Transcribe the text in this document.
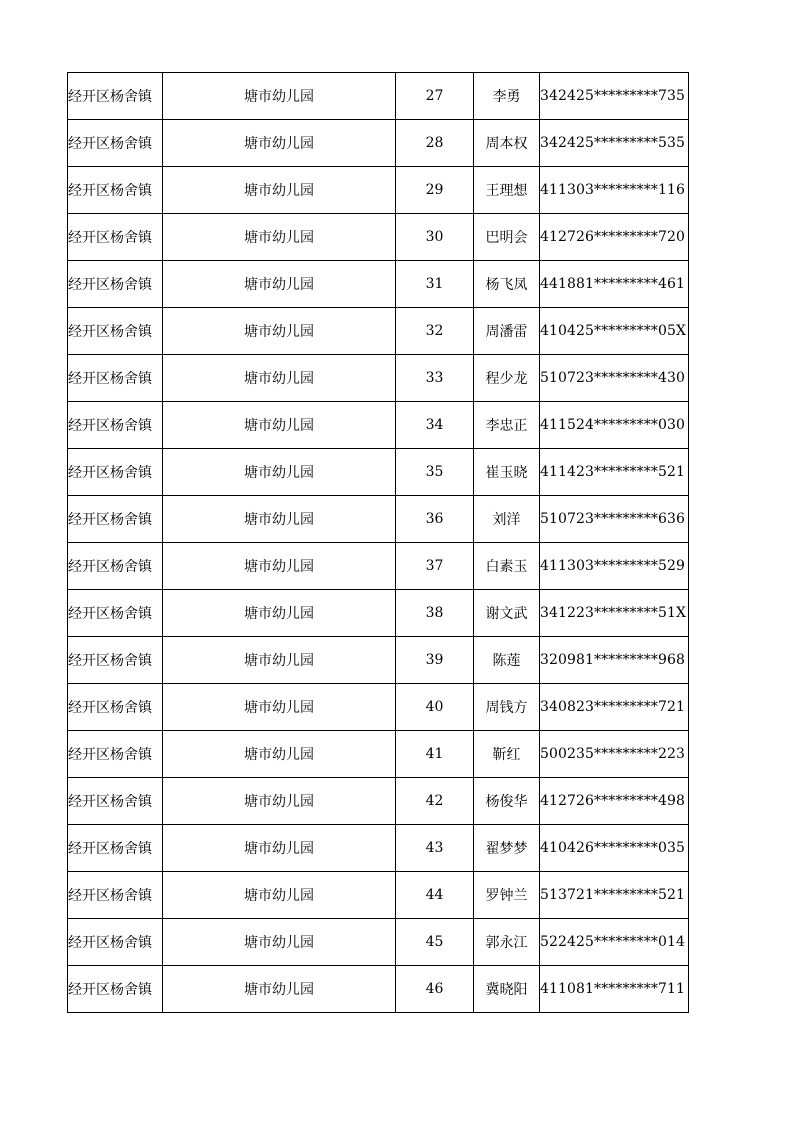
经开区杨舍镇	塘市幼儿园	27	李勇	342425*********735
经开区杨舍镇	塘市幼儿园	28	周本权	342425*********535
经开区杨舍镇	塘市幼儿园	29	王理想	411303*********116
经开区杨舍镇	塘市幼儿园	30	巴明会	412726*********720
经开区杨舍镇	塘市幼儿园	31	杨飞凤	441881*********461
经开区杨舍镇	塘市幼儿园	32	周潘雷	410425*********05X
经开区杨舍镇	塘市幼儿园	33	程少龙	510723*********430
经开区杨舍镇	塘市幼儿园	34	李忠正	411524*********030
经开区杨舍镇	塘市幼儿园	35	崔玉晓	411423*********521
经开区杨舍镇	塘市幼儿园	36	刘洋	510723*********636
经开区杨舍镇	塘市幼儿园	37	白素玉	411303*********529
经开区杨舍镇	塘市幼儿园	38	谢文武	341223*********51X
经开区杨舍镇	塘市幼儿园	39	陈莲	320981*********968
经开区杨舍镇	塘市幼儿园	40	周钱方	340823*********721
经开区杨舍镇	塘市幼儿园	41	靳红	500235*********223
经开区杨舍镇	塘市幼儿园	42	杨俊华	412726*********498
经开区杨舍镇	塘市幼儿园	43	翟梦梦	410426*********035
经开区杨舍镇	塘市幼儿园	44	罗钟兰	513721*********521
经开区杨舍镇	塘市幼儿园	45	郭永江	522425*********014
经开区杨舍镇	塘市幼儿园	46	冀晓阳	411081*********711
